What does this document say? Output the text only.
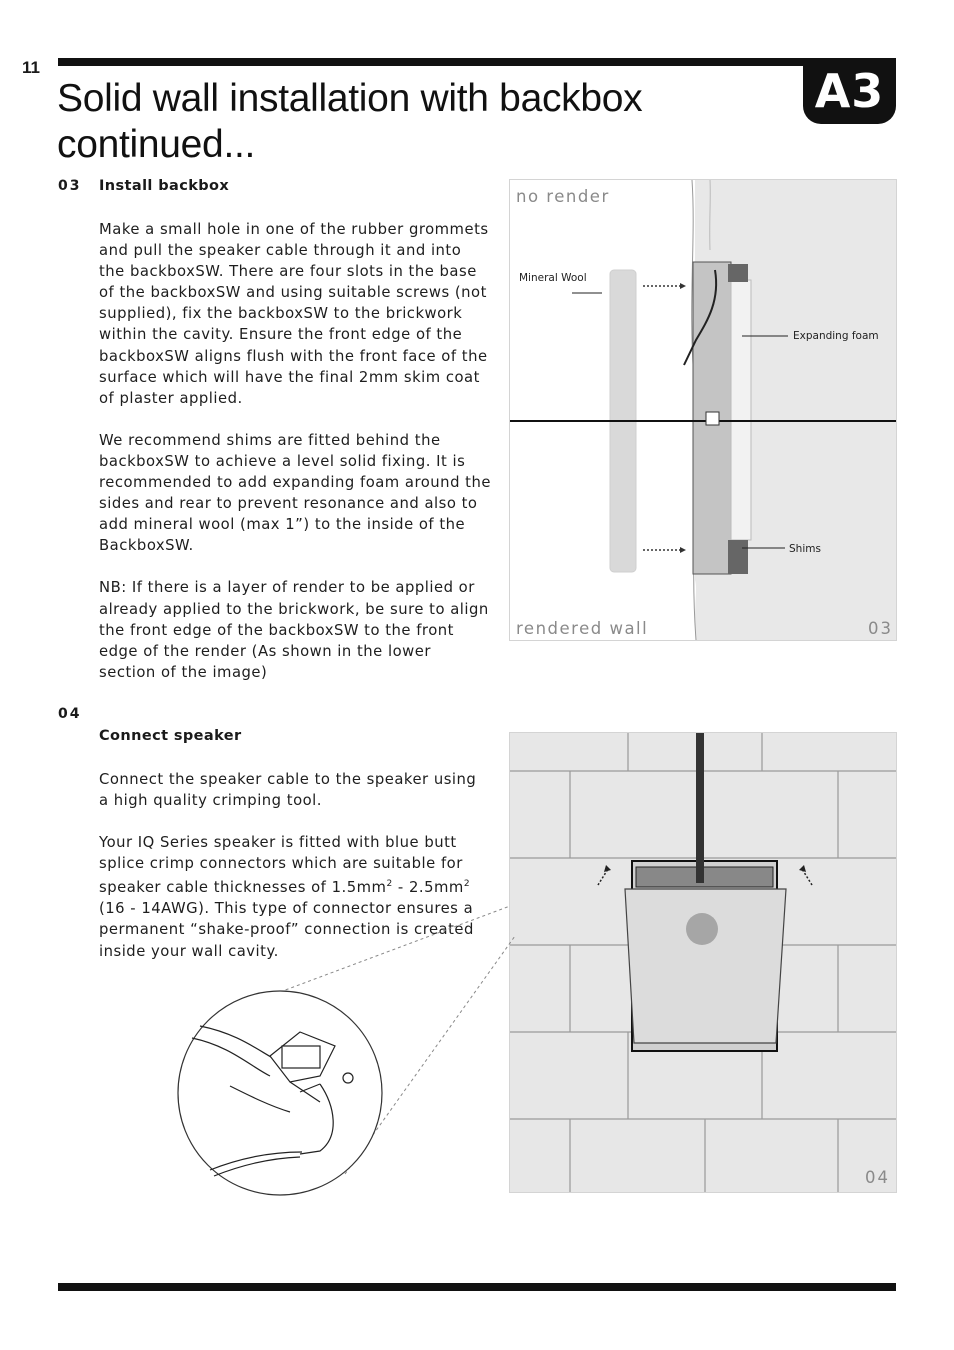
11	A3
Solid wall installation with backbox
continued...
03 Install backbox

Make a small hole in one of the rubber grommets and pull the speaker cable through it and into the backboxSW. There are four slots in the base of the backboxSW and using suitable screws (not supplied), fix the backboxSW to the brickwork within the cavity. Ensure the front edge of the backboxSW aligns flush with the front face of the surface which will have the final 2mm skim coat of plaster applied.

We recommend shims are fitted behind the backboxSW to achieve a level solid fixing. It is recommended to add expanding foam around the sides and rear to prevent resonance and also to add mineral wool (max 1”) to the inside of the BackboxSW.

NB: If there is a layer of render to be applied or already applied to the brickwork, be sure to align the front edge of the backboxSW to the front edge of the render (As shown in the lower section of the image)

04
Connect speaker

Connect the speaker cable to the speaker using a high quality crimping tool.

Your IQ Series speaker is fitted with blue butt splice crimp connectors which are suitable for speaker cable thicknesses of $1.5mm^2 - 2.5mm^2$ (16 - 14AWG). This type of connector ensures a permanent “shake-proof” connection is created inside your wall cavity.

Mineral Wool
Expanding foam
Shims
no render
rendered wall	03
04
